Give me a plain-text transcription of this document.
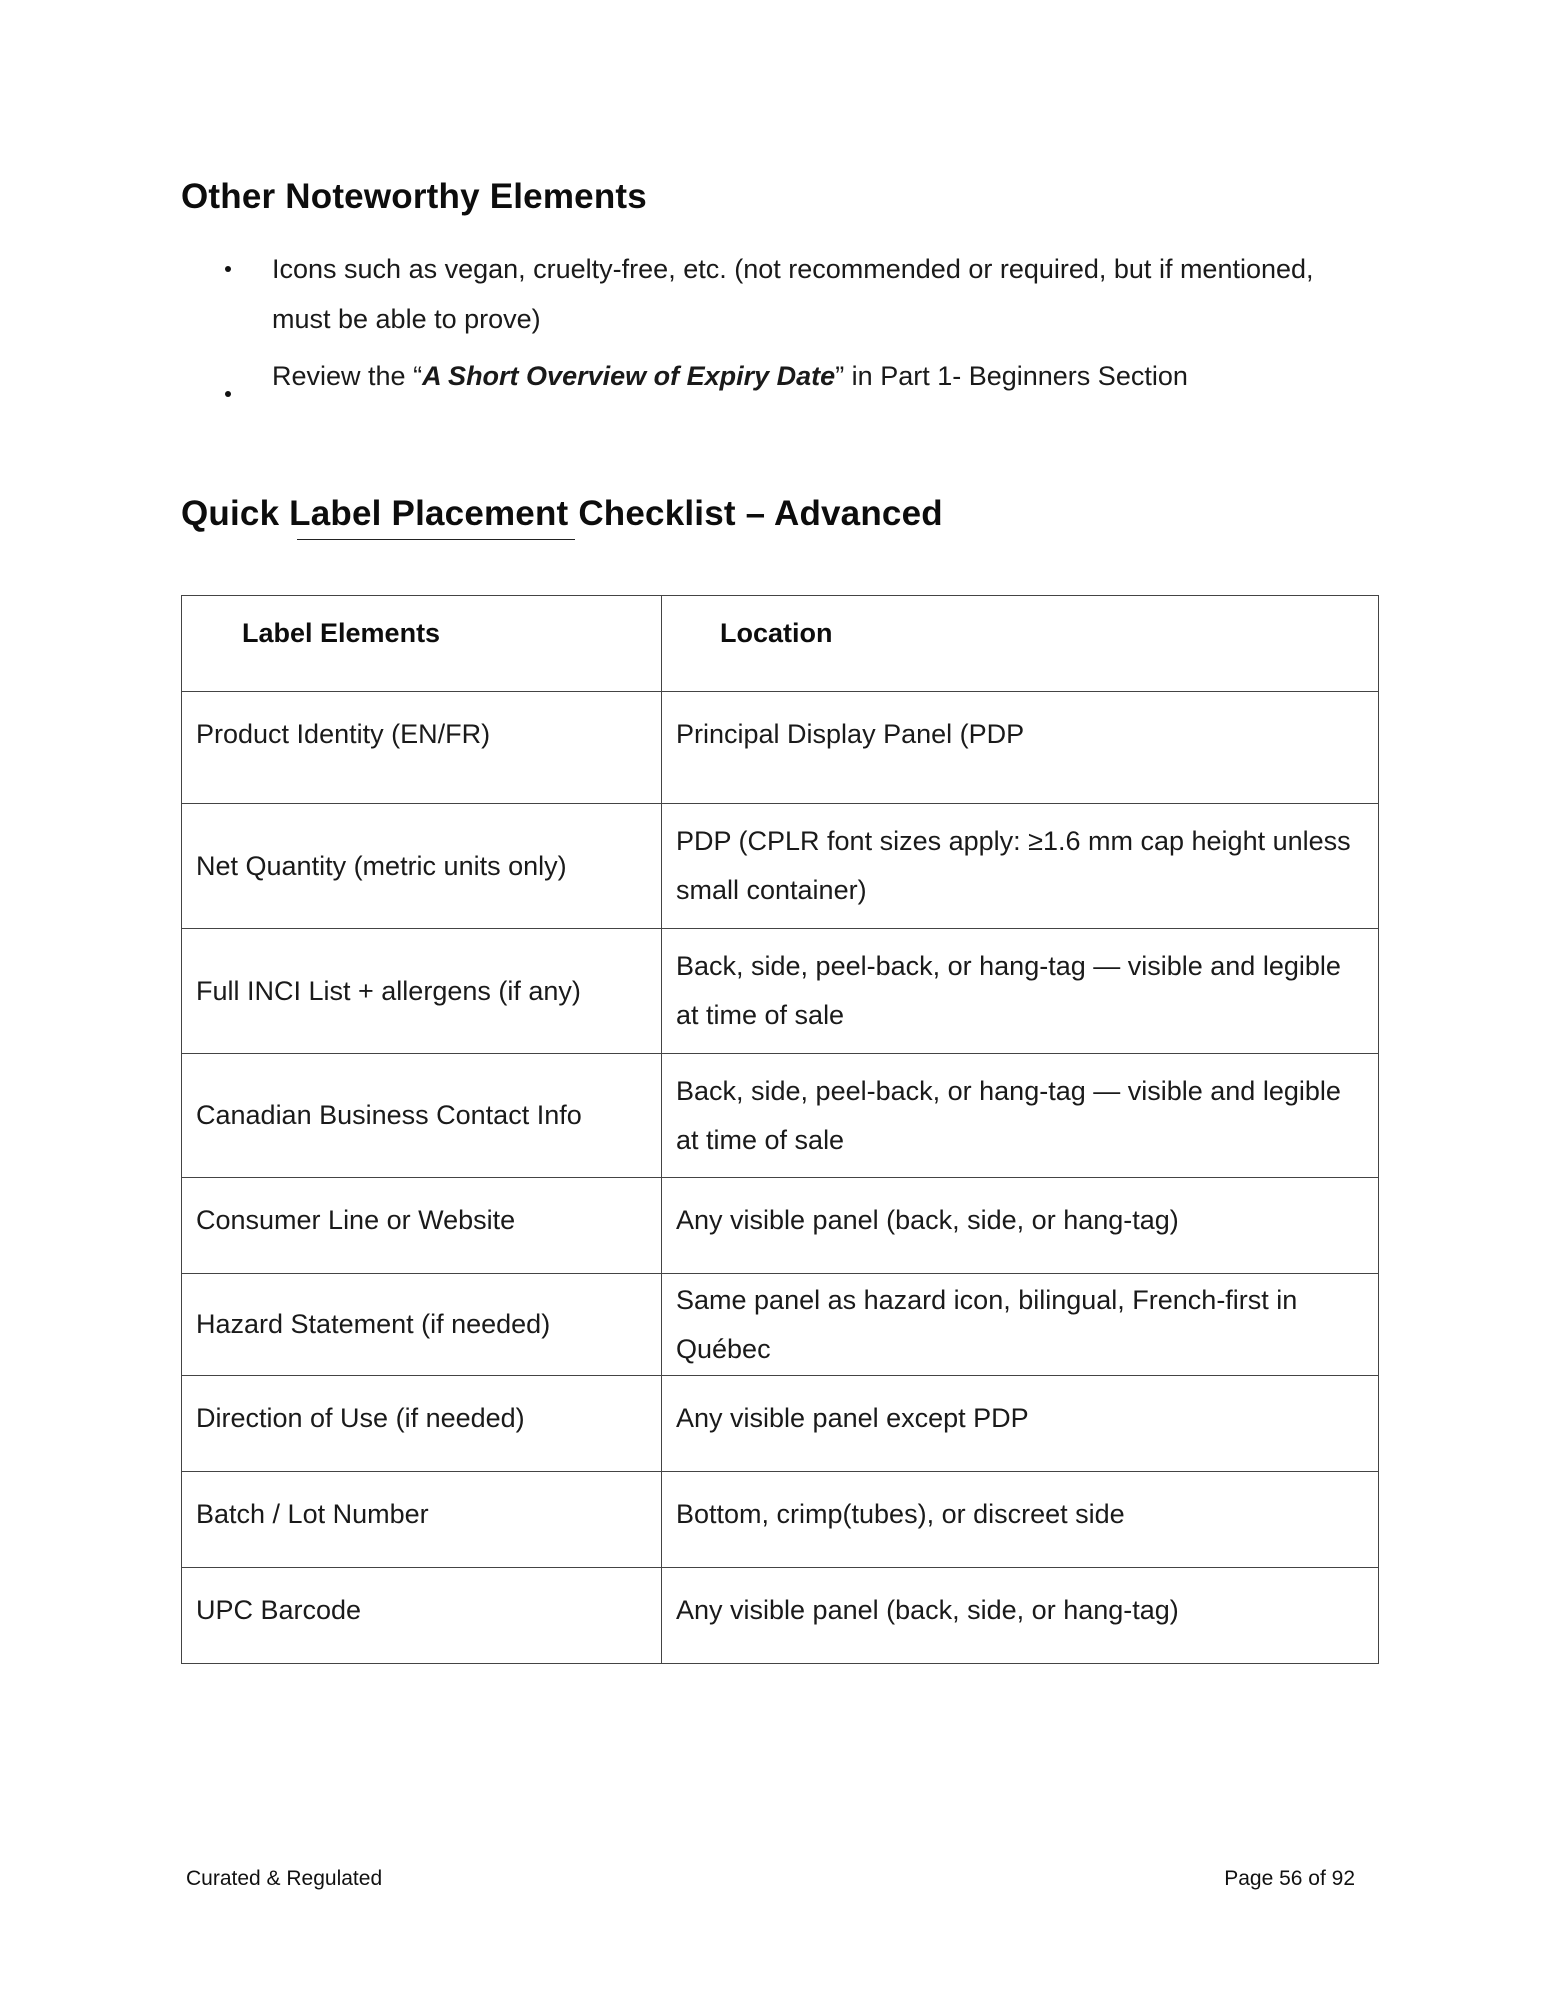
Other Noteworthy Elements
Icons such as vegan, cruelty-free, etc. (not recommended or required, but if mentioned, must be able to prove)
Review the “A Short Overview of Expiry Date” in Part 1- Beginners Section
Quick Label Placement Checklist – Advanced
Label Elements	Location
Product Identity (EN/FR)	Principal Display Panel (PDP
Net Quantity (metric units only)	PDP (CPLR font sizes apply: ≥1.6 mm cap height unless small container)
Full INCI List + allergens (if any)	Back, side, peel-back, or hang-tag — visible and legible at time of sale
Canadian Business Contact Info	Back, side, peel-back, or hang-tag — visible and legible at time of sale
Consumer Line or Website	Any visible panel (back, side, or hang-tag)
Hazard Statement (if needed)	Same panel as hazard icon, bilingual, French-first in Québec
Direction of Use (if needed)	Any visible panel except PDP
Batch / Lot Number	Bottom, crimp(tubes), or discreet side
UPC Barcode	Any visible panel (back, side, or hang-tag)
Curated & Regulated	Page 56 of 92
